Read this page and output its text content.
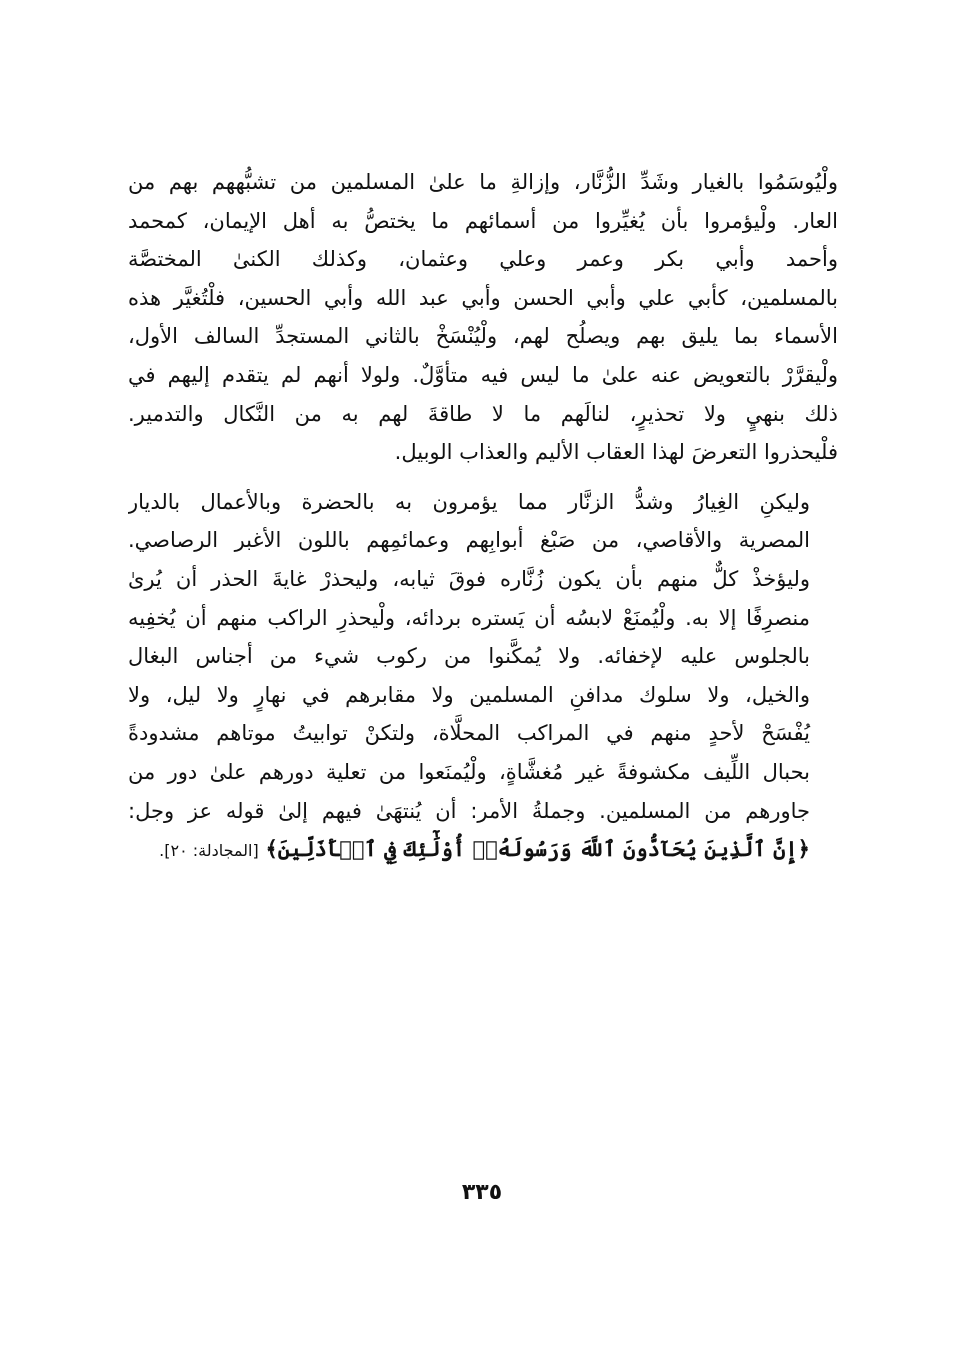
ولْيُوسَمُوا بالغيار وشَدِّ الزُّنَّار، وإزالةِ ما علىٰ المسلمين من تشبُّههم بهم من
العار. ولْيؤمروا بأن يُغيِّروا من أسمائهم ما يختصُّ به أهل الإيمان، كمحمد
وأحمد وأبي بكر وعمر وعلي وعثمان، وكذلك الكنىٰ المختصَّة
بالمسلمين، كأبي علي وأبي الحسن وأبي عبد الله وأبي الحسين، فلْتُغيَّر هذه
الأسماء بما يليق بهم ويصلُح لهم، ولْيُنْسَخْ بالثاني المستجدِّ السالف الأول،
ولْيقرَّرْ بالتعويض عنه علىٰ ما ليس فيه متأوَّلٌ. ولولا أنهم لم يتقدم إليهم في
ذلك بنهيٍ ولا تحذيرٍ، لنالَهم ما لا طاقةَ لهم به من النَّكال والتدمير.
فلْيحذروا التعرضَ لهذا العقاب الأليم والعذاب الوبيل.

وليكنِ الغِيارُ وشدُّ الزنَّار مما يؤمرون به بالحضرة وبالأعمال بالديار
المصرية والأقاصي، من صَبْغ أبوابِهم وعمائمِهم باللون الأغبر الرصاصي.
وليؤخذْ كلٌّ منهم بأن يكون زُنَّاره فوقَ ثيابه، وليحذرْ غايةَ الحذر أن يُرىٰ
منصرِفًا إلا به. ولْيُمنَعْ لابسُه أن يَستره بردائه، ولْيحذرِ الراكب منهم أن يُخفِيه
بالجلوس عليه لإخفائه. ولا يُمكَّنوا من ركوب شيء من أجناس البغال
والخيل، ولا سلوك مدافنِ المسلمين ولا مقابرهم في نهارٍ ولا ليل، ولا
يُفْسَحْ لأحدٍ منهم في المراكب المحلَّاة، ولتكنْ توابيتُ موتاهم مشدودةً
بحبال اللِّيف مكشوفةً غير مُغشَّاةٍ، ولْيُمنَعوا من تعلية دورهم علىٰ دور من
جاورهم من المسلمين. وجملةُ الأمر: أن يُنتهَىٰ فيهم إلىٰ قوله عز وجل:
﴿إِنَّ ٱلَّذِينَ يُحَآدُّونَ ٱللَّهَ وَرَسُولَهُۥٓ أُوْلَٰٓئِكَ فِي ٱلۡأَذَلِّينَ﴾ [المجادلة: ٢٠].

٣٣٥
